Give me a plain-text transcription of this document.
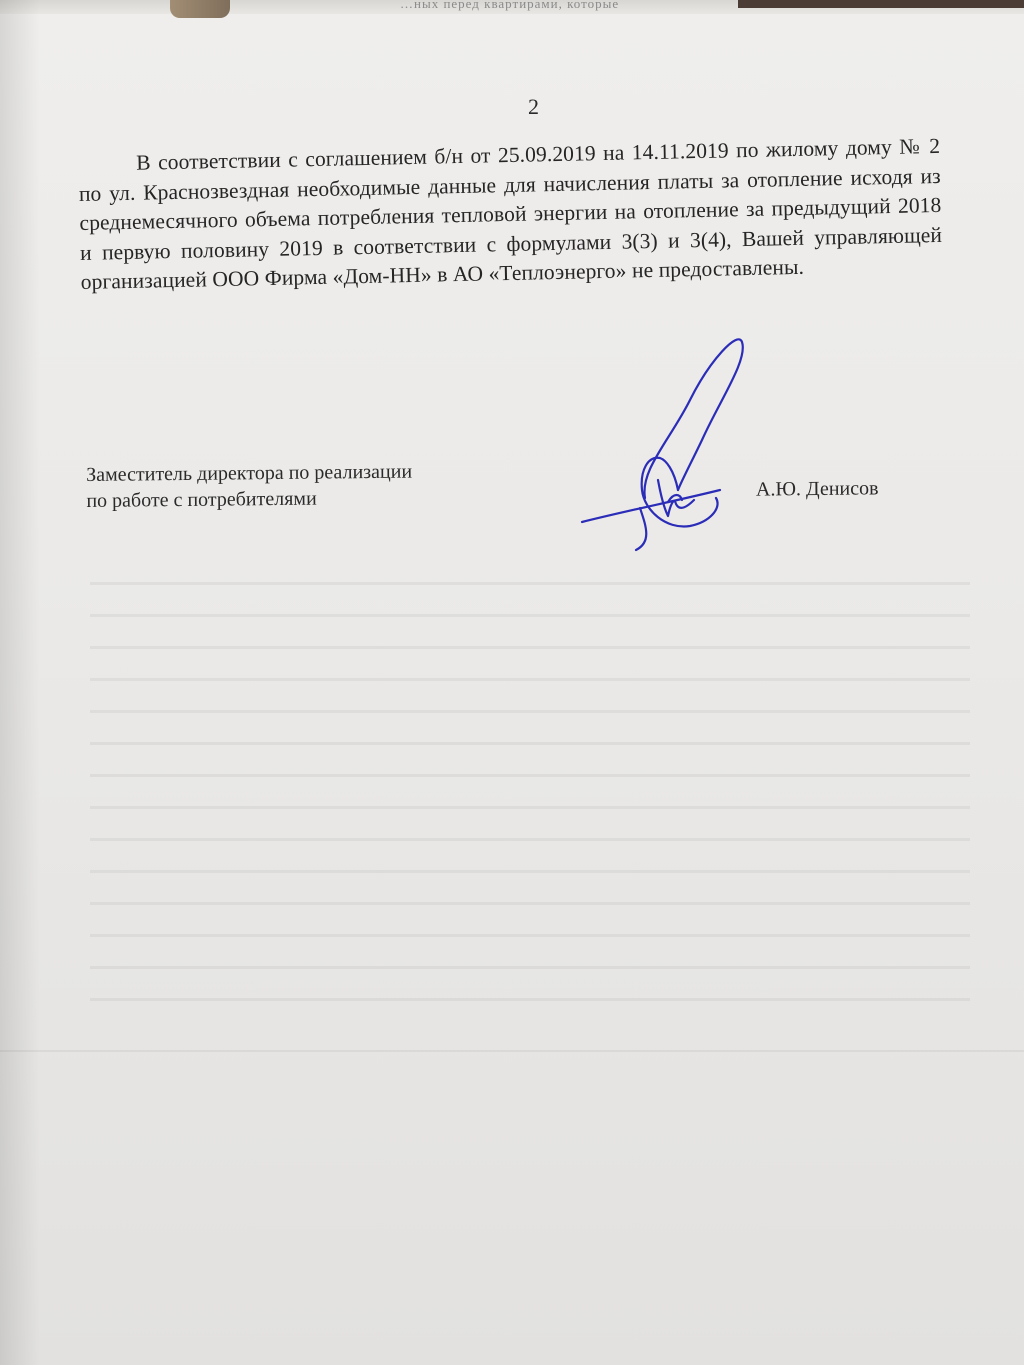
…ных перед квартирами, которые
2
В соответствии с соглашением б/н от 25.09.2019 на 14.11.2019 по жилому дому № 2 по ул. Краснозвездная необходимые данные для начисления платы за отопление исходя из среднемесячного объема потребления тепловой энергии на отопление за предыдущий 2018 и первую половину 2019 в соответствии с формулами 3(3) и 3(4), Вашей управляющей организацией ООО Фирма «Дом-НН» в АО «Теплоэнерго» не предоставлены.
Заместитель директора по реализации
по работе с потребителями	А.Ю. Денисов
